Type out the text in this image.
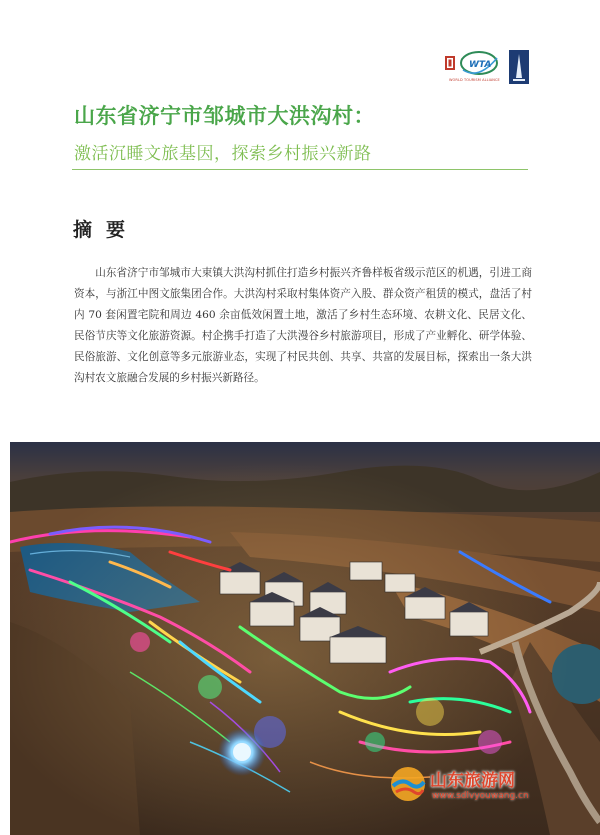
WTA
WORLD TOURISM ALLIANCE
山东省济宁市邹城市大洪沟村：
激活沉睡文旅基因，探索乡村振兴新路
摘要

山东省济宁市邹城市大束镇大洪沟村抓住打造乡村振兴齐鲁样板省级示范区的机遇，引进工商资本，与浙江中图文旅集团合作。大洪沟村采取村集体资产入股、群众资产租赁的模式，盘活了村内 70 套闲置宅院和周边 460 余亩低效闲置土地，激活了乡村生态环境、农耕文化、民居文化、民俗节庆等文化旅游资源。村企携手打造了大洪漫谷乡村旅游项目，形成了产业孵化、研学体验、民俗旅游、文化创意等多元旅游业态，实现了村民共创、共享、共富的发展目标，探索出一条大洪沟村农文旅融合发展的乡村振兴新路径。

山东旅游网
www.sdlvyouwang.cn
